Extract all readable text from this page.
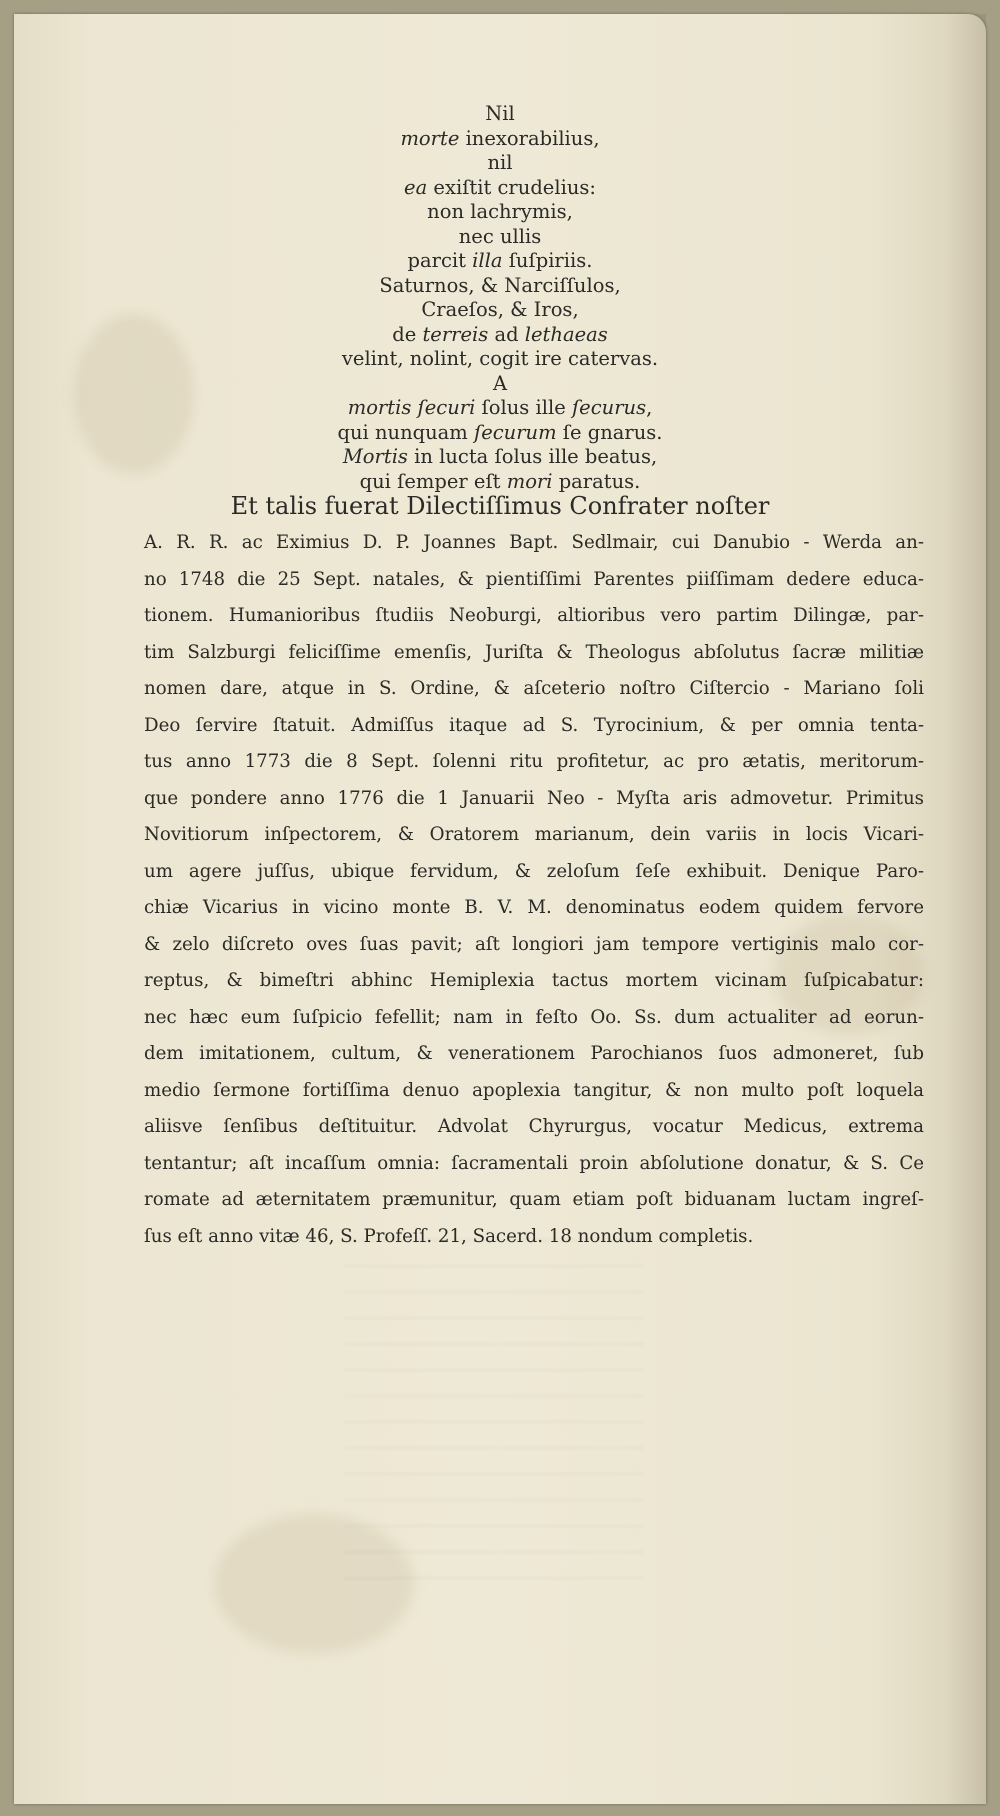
Nil
morte inexorabilius,
nil
ea exiſtit crudelius:
non lachrymis,
nec ullis
parcit illa ſuſpiriis.
Saturnos, & Narciſſulos,
Craeſos, & Iros,
de terreis ad lethaeas
velint, nolint, cogit ire catervas.
A
mortis ſecuri ſolus ille ſecurus,
qui nunquam ſecurum ſe gnarus.
Mortis in lucta ſolus ille beatus,
qui ſemper eſt mori paratus.
Et talis fuerat Dilectiſſimus Confrater noſter
A. R. R. ac Eximius D. P. Joannes Bapt. Sedlmair, cui Danubio - Werda an-
no 1748 die 25 Sept. natales, & pientiſſimi Parentes piiſſimam dedere educa-
tionem. Humanioribus ſtudiis Neoburgi, altioribus vero partim Dilingæ, par-
tim Salzburgi feliciſſime emenſis, Juriſta & Theologus abſolutus ſacræ militiæ
nomen dare, atque in S. Ordine, & aſceterio noſtro Ciſtercio - Mariano ſoli
Deo ſervire ſtatuit. Admiſſus itaque ad S. Tyrocinium, & per omnia tenta-
tus anno 1773 die 8 Sept. ſolenni ritu profitetur, ac pro ætatis, meritorum-
que pondere anno 1776 die 1 Januarii Neo - Myſta aris admovetur. Primitus
Novitiorum inſpectorem, & Oratorem marianum, dein variis in locis Vicari-
um agere juſſus, ubique fervidum, & zeloſum ſeſe exhibuit. Denique Paro-
chiæ Vicarius in vicino monte B. V. M. denominatus eodem quidem fervore
& zelo diſcreto oves ſuas pavit; aſt longiori jam tempore vertiginis malo cor-
reptus, & bimeſtri abhinc Hemiplexia tactus mortem vicinam ſuſpicabatur:
nec hæc eum ſuſpicio fefellit; nam in feſto Oo. Ss. dum actualiter ad eorun-
dem imitationem, cultum, & venerationem Parochianos ſuos admoneret, ſub
medio ſermone fortiſſima denuo apoplexia tangitur, & non multo poſt loquela
aliisve ſenſibus deſtituitur. Advolat Chyrurgus, vocatur Medicus, extrema
tentantur; aſt incaſſum omnia: ſacramentali proin abſolutione donatur, & S. Ce
romate ad æternitatem præmunitur, quam etiam poſt biduanam luctam ingreſ-
ſus eſt anno vitæ 46, S. Profeſſ. 21, Sacerd. 18 nondum completis.
